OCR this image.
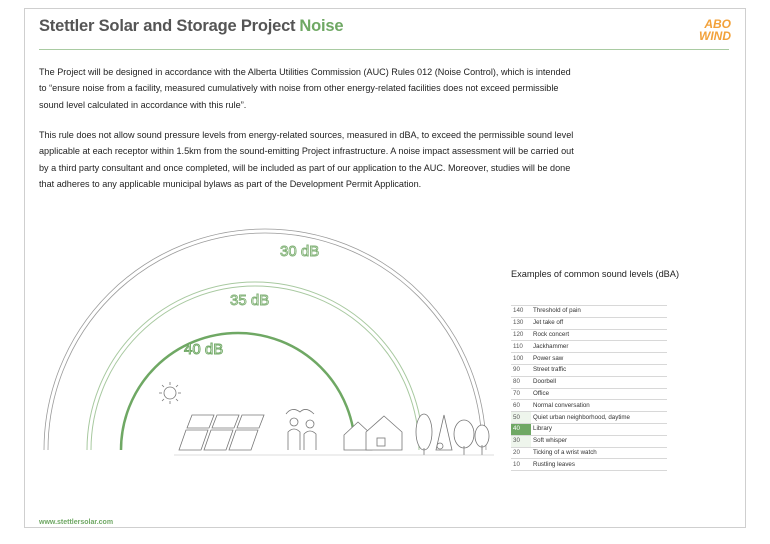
Stettler Solar and Storage Project Noise	ABO
WIND

The Project will be designed in accordance with the Alberta Utilities Commission (AUC) Rules 012 (Noise Control), which is intended to “ensure noise from a facility, measured cumulatively with noise from other energy-related facilities does not exceed permissible sound level calculated in accordance with this rule”.

This rule does not allow sound pressure levels from energy-related sources, measured in dBA, to exceed the permissible sound level applicable at each receptor within 1.5km from the sound-emitting Project infrastructure. A noise impact assessment will be carried out by a third party consultant and once completed, will be included as part of our application to the AUC. Moreover, studies will be done that adheres to any applicable municipal bylaws as part of the Development Permit Application.

www.stettlersolar.com
30 dB
35 dB
40 dB
Examples of common sound levels (dBA)
140	Threshold of pain
130	Jet take off
120	Rock concert
110	Jackhammer
100	Power saw
90	Street traffic
80	Doorbell
70	Office
60	Normal conversation
50	Quiet urban neighborhood, daytime
40	Library
30	Soft whisper
20	Ticking of a wrist watch
10	Rustling leaves
